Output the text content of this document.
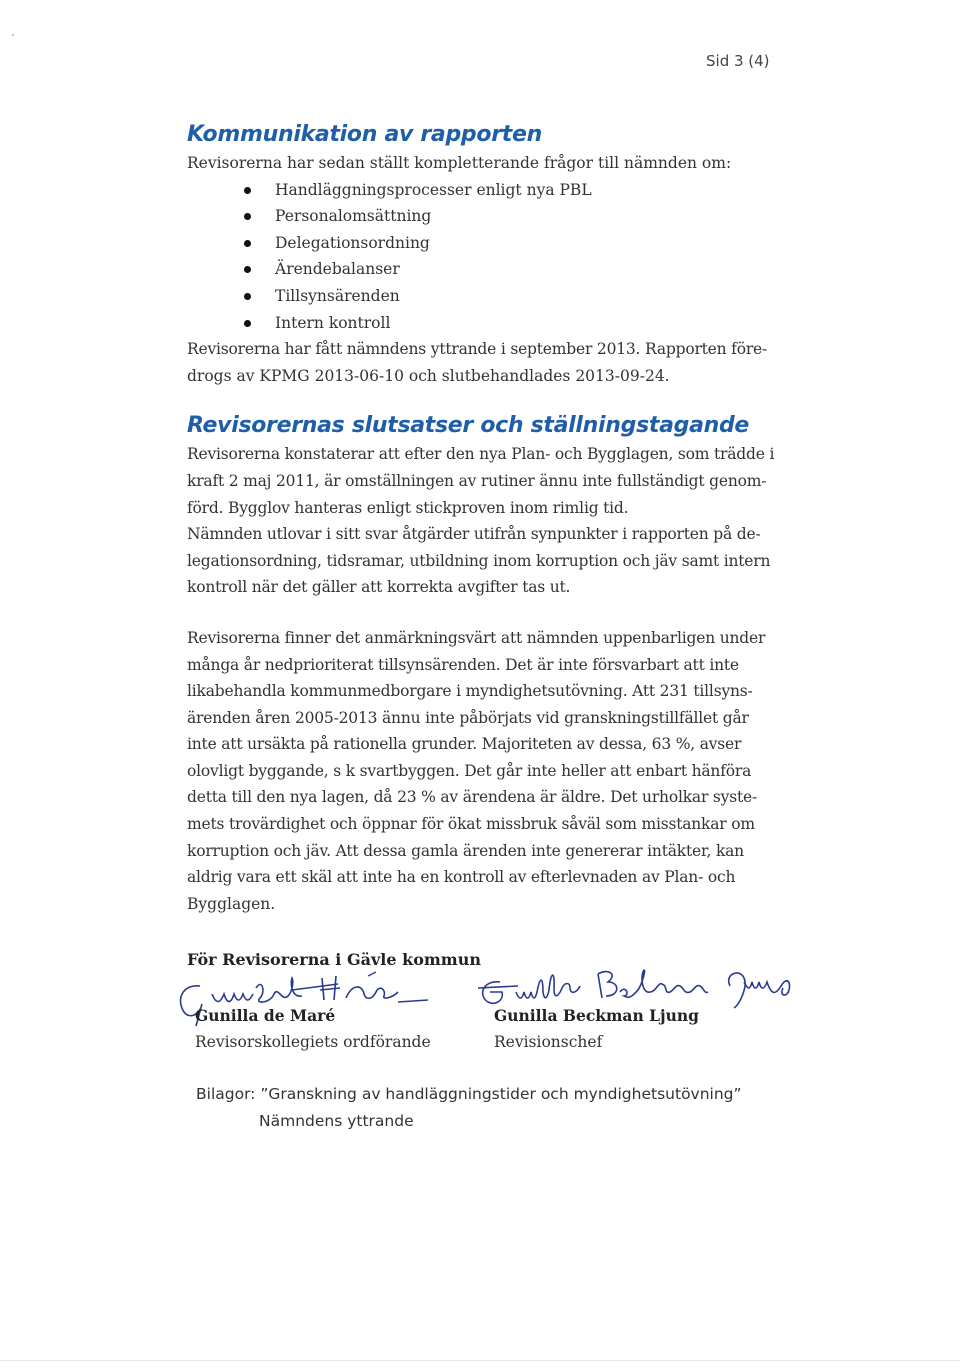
Sid 3 (4)
Kommunikation av rapporten

Revisorerna har sedan ställt kompletterande frågor till nämnden om:

Handläggningsprocesser enligt nya PBL
Personalomsättning
Delegationsordning
Ärendebalanser
Tillsynsärenden
Intern kontroll

Revisorerna har fått nämndens yttrande i september 2013. Rapporten före-

drogs av KPMG 2013-06-10 och slutbehandlades 2013-09-24.

Revisorernas slutsatser och ställningstagande

Revisorerna konstaterar att efter den nya Plan- och Bygglagen, som trädde i

kraft 2 maj 2011, är omställningen av rutiner ännu inte fullständigt genom-

förd. Bygglov hanteras enligt stickproven inom rimlig tid.

Nämnden utlovar i sitt svar åtgärder utifrån synpunkter i rapporten på de-

legationsordning, tidsramar, utbildning inom korruption och jäv samt intern

kontroll när det gäller att korrekta avgifter tas ut.

Revisorerna finner det anmärkningsvärt att nämnden uppenbarligen under

många år nedprioriterat tillsynsärenden. Det är inte försvarbart att inte

likabehandla kommunmedborgare i myndighetsutövning. Att 231 tillsyns-

ärenden åren 2005-2013 ännu inte påbörjats vid granskningstillfället går

inte att ursäkta på rationella grunder. Majoriteten av dessa, 63 %, avser

olovligt byggande, s k svartbyggen. Det går inte heller att enbart hänföra

detta till den nya lagen, då 23 % av ärendena är äldre. Det urholkar syste-

mets trovärdighet och öppnar för ökat missbruk såväl som misstankar om

korruption och jäv. Att dessa gamla ärenden inte genererar intäkter, kan

aldrig vara ett skäl att inte ha en kontroll av efterlevnaden av Plan- och

Bygglagen.

För Revisorerna i Gävle kommun
Gunilla de Maré
Revisorskollegiets ordförande
Gunilla Beckman Ljung
Revisionschef
Bilagor: ”Granskning av handläggningstider och myndighetsutövning”
Nämndens yttrande
